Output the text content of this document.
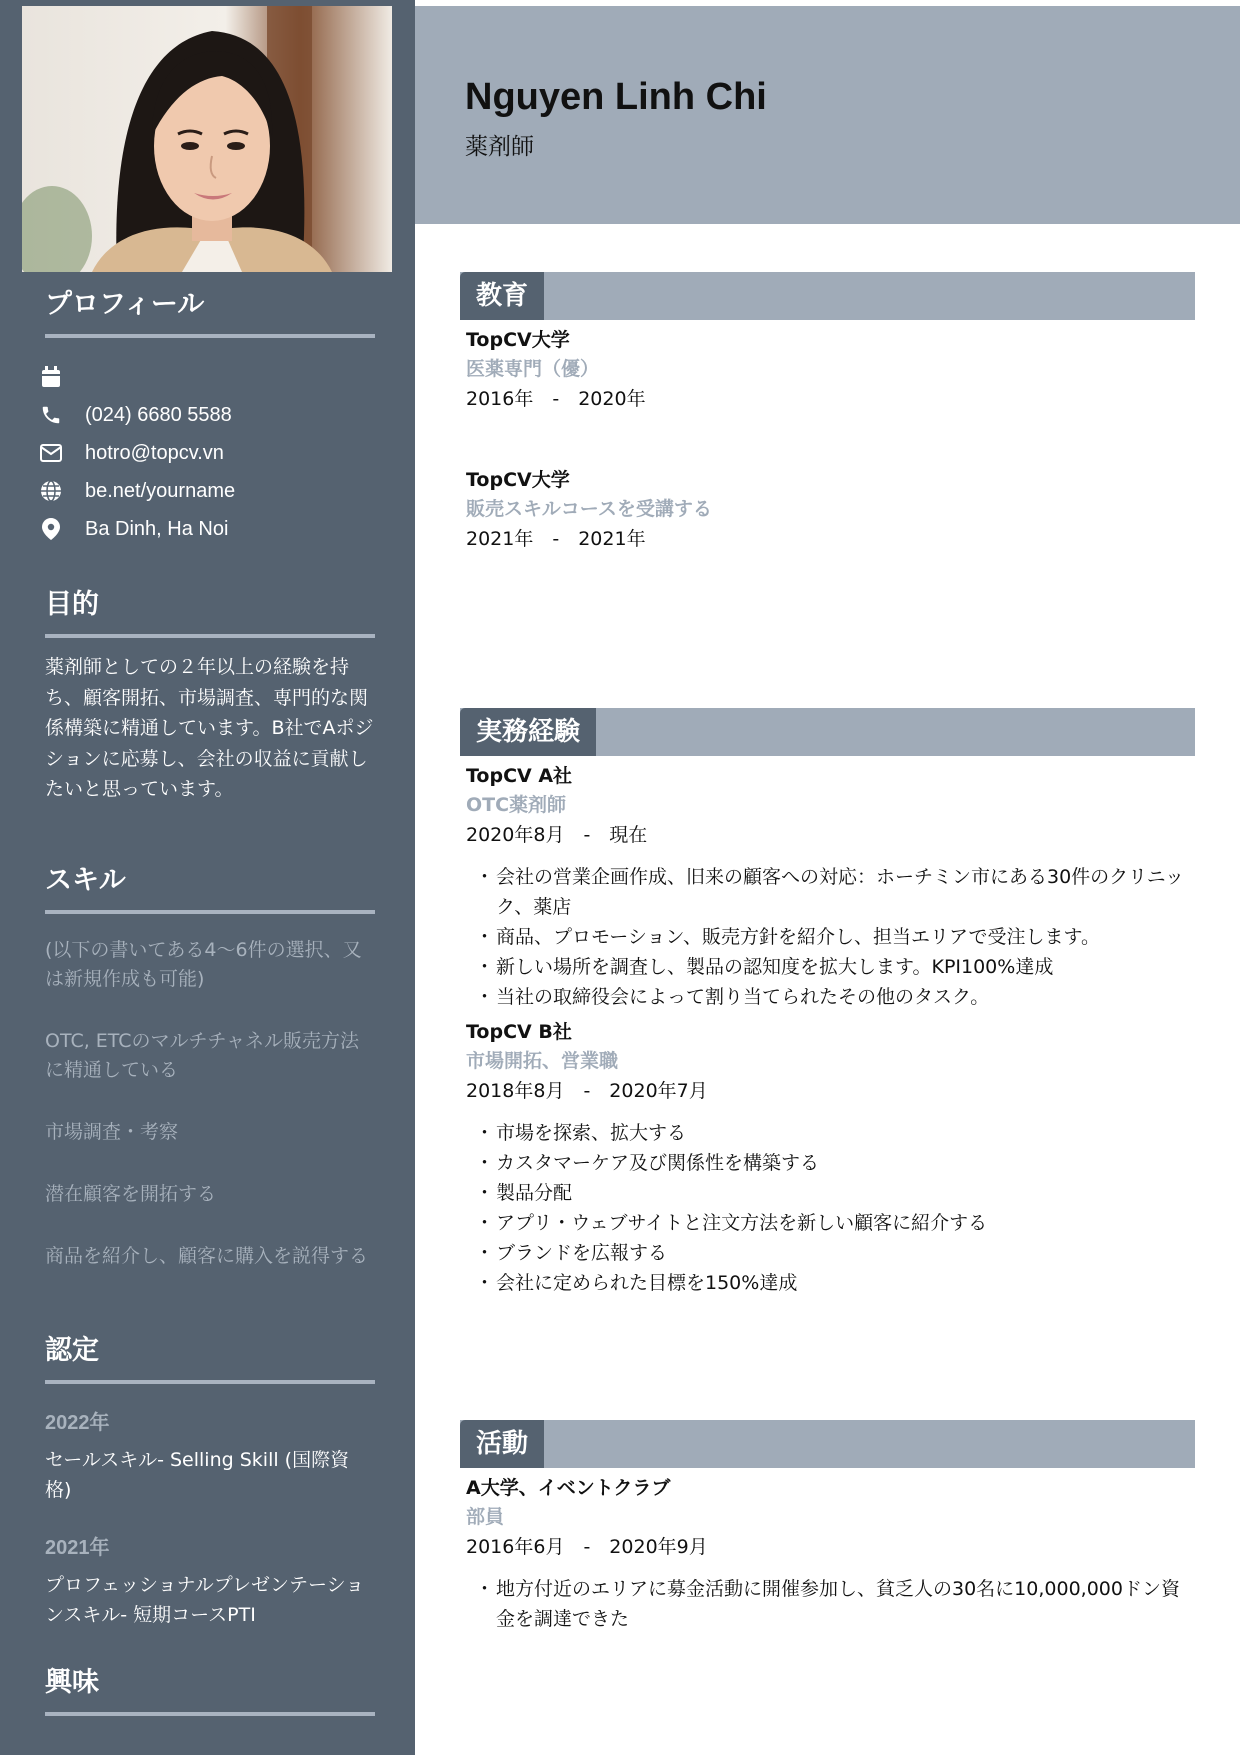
プロフィール
(024) 6680 5588
hotro@topcv.vn
be.net/yourname
Ba Dinh, Ha Noi
目的
薬剤師としての２年以上の経験を持ち、顧客開拓、市場調査、専門的な関係構築に精通しています。B社でAポジションに応募し、会社の収益に貢献したいと思っています。
スキル
(以下の書いてある4～6件の選択、又は新規作成も可能)
OTC, ETCのマルチチャネル販売方法に精通している
市場調査・考察
潜在顧客を開拓する
商品を紹介し、顧客に購入を説得する
認定
2022年
セールスキル- Selling Skill (国際資格)
2021年
プロフェッショナルプレゼンテーションスキル- 短期コースPTI
興味
Nguyen Linh Chi
薬剤師
教育
TopCV大学
医薬専門（優）
2016年　-　2020年
TopCV大学
販売スキルコースを受講する
2021年　-　2021年
実務経験
TopCV A社
OTC薬剤師
2020年8月　-　現在
・ 会社の営業企画作成、旧来の顧客への対応：ホーチミン市にある30件のクリニック、薬店
・ 商品、プロモーション、販売方針を紹介し、担当エリアで受注します。
・ 新しい場所を調査し、製品の認知度を拡大します。KPI100%達成
・ 当社の取締役会によって割り当てられたその他のタスク。
TopCV B社
市場開拓、営業職
2018年8月　-　2020年7月
・ 市場を探索、拡大する
・ カスタマーケア及び関係性を構築する
・ 製品分配
・ アプリ・ウェブサイトと注文方法を新しい顧客に紹介する
・ ブランドを広報する
・ 会社に定められた目標を150%達成
活動
A大学、イベントクラブ
部員
2016年6月　-　2020年9月
・ 地方付近のエリアに募金活動に開催参加し、貧乏人の30名に10,000,000ドン資金を調達できた
